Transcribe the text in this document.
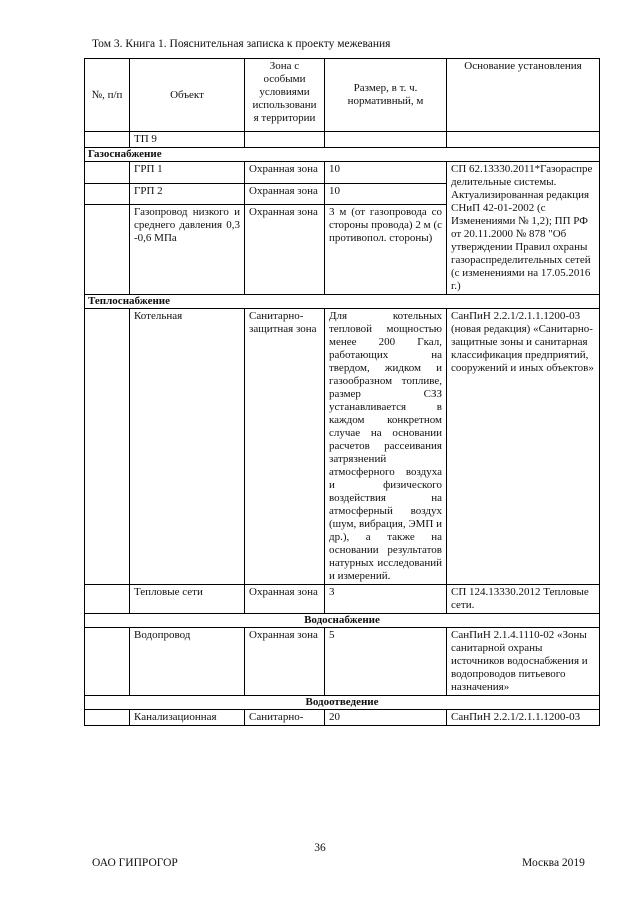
Том 3. Книга 1. Пояснительная записка к проекту межевания
№, п/п	Объект	Зона с особыми условиями использовани я территории	Размер, в т. ч. нормативный, м	Основание установления
	ТП 9			
Газоснабжение				
	ГРП 1	Охранная зона	10	СП 62.13330.2011*Газораспре делительные системы. Актуализированная редакция СНиП 42-01-2002 (с Изменениями № 1,2); ПП РФ от 20.11.2000 № 878 "Об утверждении Правил охраны газораспределительных сетей (с изменениями на 17.05.2016 г.)
	ГРП 2	Охранная зона	10	
	Газопровод низкого и среднего давления 0,3 -0,6 МПа	Охранная зона	3 м (от газопровода со стороны провода) 2 м (с противопол. стороны)	
Теплоснабжение				
	Котельная	Санитарно-защитная зона	Для котельных тепловой мощностью менее 200 Гкал, работающих на твердом, жидком и газообразном топливе, размер СЗЗ устанавливается в каждом конкретном случае на основании расчетов рассеивания затрязнений атмосферного воздуха и физического воздействия на атмосферный воздух (шум, вибрация, ЭМП и др.), а также на основании результатов натурных исследований и измерений.	СанПиН 2.2.1/2.1.1.1200-03 (новая редакция) «Санитарно-защитные зоны и санитарная классификация предприятий, сооружений и иных объектов»
	Тепловые сети	Охранная зона	3	СП 124.13330.2012 Тепловые сети.
Водоснабжение				
	Водопровод	Охранная зона	5	СанПиН 2.1.4.1110-02 «Зоны санитарной охраны источников водоснабжения и водопроводов питьевого назначения»
Водоотведение				
	Канализационная	Санитарно-	20	СанПиН 2.2.1/2.1.1.1200-03
36
ОАО ГИПРОГОР	Москва 2019
